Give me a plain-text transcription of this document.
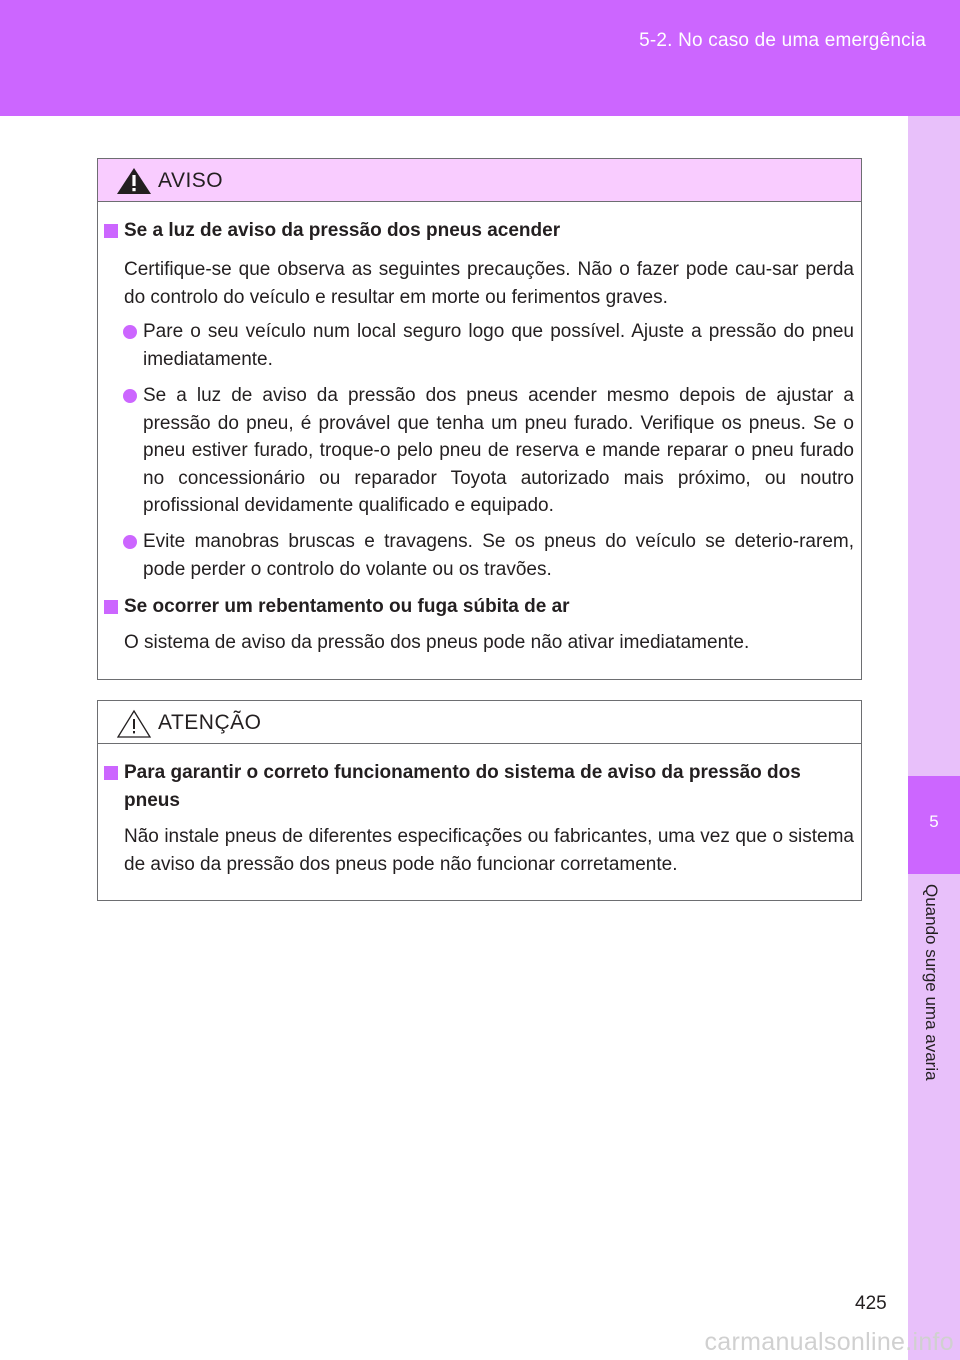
5-2. No caso de uma emergência
5
Quando surge uma avaria
AVISO
Se a luz de aviso da pressão dos pneus acender
Certifique-se que observa as seguintes precauções. Não o fazer pode cau-sar perda do controlo do veículo e resultar em morte ou ferimentos graves.
Pare o seu veículo num local seguro logo que possível. Ajuste a pressão do pneu imediatamente.
Se a luz de aviso da pressão dos pneus acender mesmo depois de ajustar a pressão do pneu, é provável que tenha um pneu furado. Verifique os pneus. Se o pneu estiver furado, troque-o pelo pneu de reserva e mande reparar o pneu furado no concessionário ou reparador Toyota autorizado mais próximo, ou noutro profissional devidamente qualificado e equipado.
Evite manobras bruscas e travagens. Se os pneus do veículo se deterio-rarem, pode perder o controlo do volante ou os travões.
Se ocorrer um rebentamento ou fuga súbita de ar
O sistema de aviso da pressão dos pneus pode não ativar imediatamente.
ATENÇÃO
Para garantir o correto funcionamento do sistema de aviso da pressão dos pneus
Não instale pneus de diferentes especificações ou fabricantes, uma vez que o sistema de aviso da pressão dos pneus pode não funcionar corretamente.
425
carmanualsonline.info
